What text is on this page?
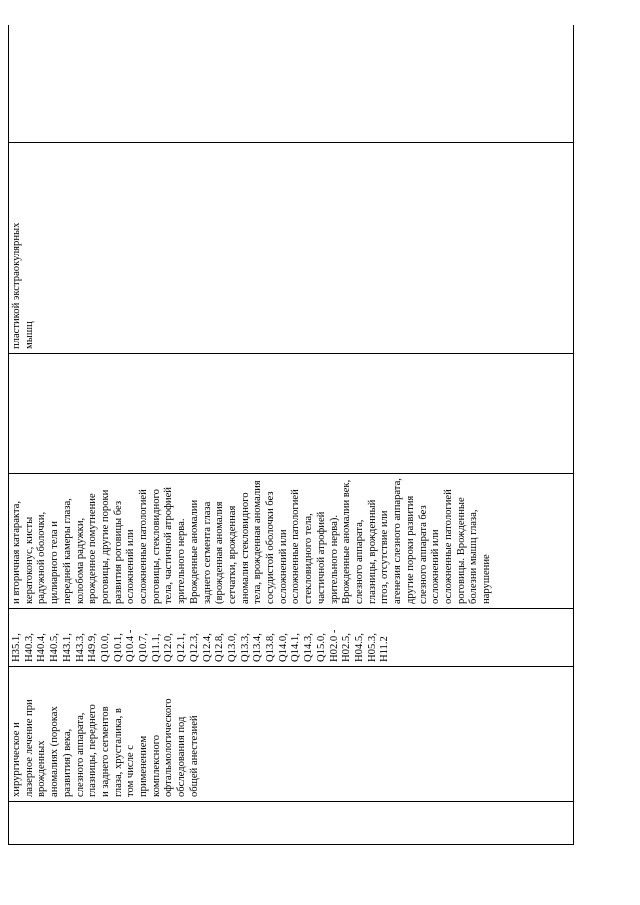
	хирургическое и
лазерное лечение при
врожденных
аномалиях (пороках
развития) века,
слезного аппарата,
глазницы, переднего
и заднего сегментов
глаза, хрусталика, в
том числе с
применением
комплексного
офтальмологического
обследования под
общей анестезией	H35.1, H40.3,
H40.4, H40.5,
H43.1, H43.3,
H49.9, Q10.0,
Q10.1, Q10.4 -
Q10.7, Q11.1,
Q12.0, Q12.1,
Q12.3, Q12.4,
Q12.8, Q13.0,
Q13.3, Q13.4,
Q13.8, Q14.0,
Q14.1, Q14.3,
Q15.0, H02.0 -
H02.5, H04.5,
H05.3, H11.2	и вторичная катаракта,
кератоконус, кисты
радужной оболочки,
цилиарного тела и
передней камеры глаза,
колобома радужки,
врожденное помутнение
роговицы, другие пороки
развития роговицы без
осложнений или
осложненные патологией
роговицы, стекловидного
тела, частичной атрофией
зрительного нерва.
Врожденные аномалии
заднего сегмента глаза
(врожденная аномалия
сетчатки, врожденная
аномалия стекловидного
тела, врожденная аномалия
сосудистой оболочки без
осложнений или
осложненные патологией
стекловидного тела,
частичной атрофией
зрительного нерва).
Врожденные аномалии век,
слезного аппарата,
глазницы, врожденный
птоз, отсутствие или
агенезия слезного аппарата,
другие пороки развития
слезного аппарата без
осложнений или
осложненные патологией
роговицы. Врожденные
болезни мышц глаза,
нарушение		пластикой экстраокулярных
мышц	
